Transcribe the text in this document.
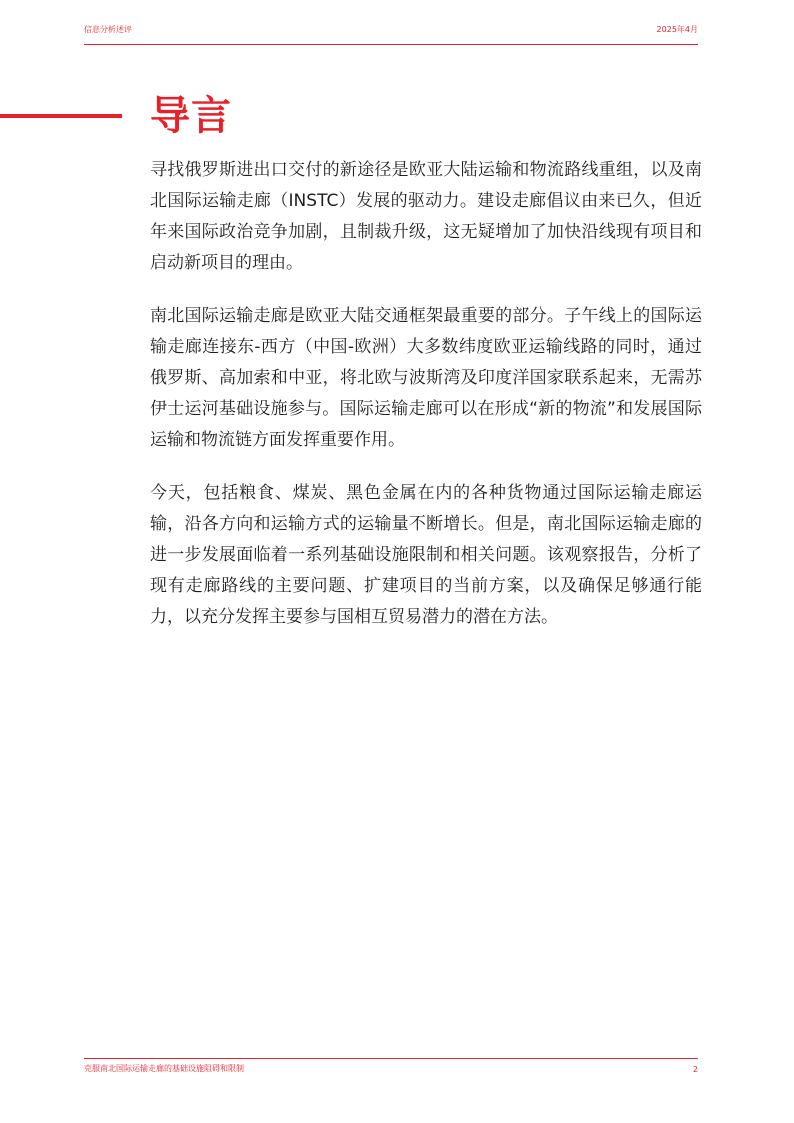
信息分析述评	2025年4月
导言

寻找俄罗斯进出口交付的新途径是欧亚大陆运输和物流路线重组，以及南北国际运输走廊（INSTC）发展的驱动力。建设走廊倡议由来已久，但近年来国际政治竞争加剧，且制裁升级，这无疑增加了加快沿线现有项目和启动新项目的理由。

南北国际运输走廊是欧亚大陆交通框架最重要的部分。子午线上的国际运输走廊连接东-西方（中国-欧洲）大多数纬度欧亚运输线路的同时，通过俄罗斯、高加索和中亚，将北欧与波斯湾及印度洋国家联系起来，无需苏伊士运河基础设施参与。国际运输走廊可以在形成“新的物流”和发展国际运输和物流链方面发挥重要作用。

今天，包括粮食、煤炭、黑色金属在内的各种货物通过国际运输走廊运输，沿各方向和运输方式的运输量不断增长。但是，南北国际运输走廊的进一步发展面临着一系列基础设施限制和相关问题。该观察报告，分析了现有走廊路线的主要问题、扩建项目的当前方案，以及确保足够通行能力，以充分发挥主要参与国相互贸易潜力的潜在方法。

克服南北国际运输走廊的基础设施阻碍和限制	2
